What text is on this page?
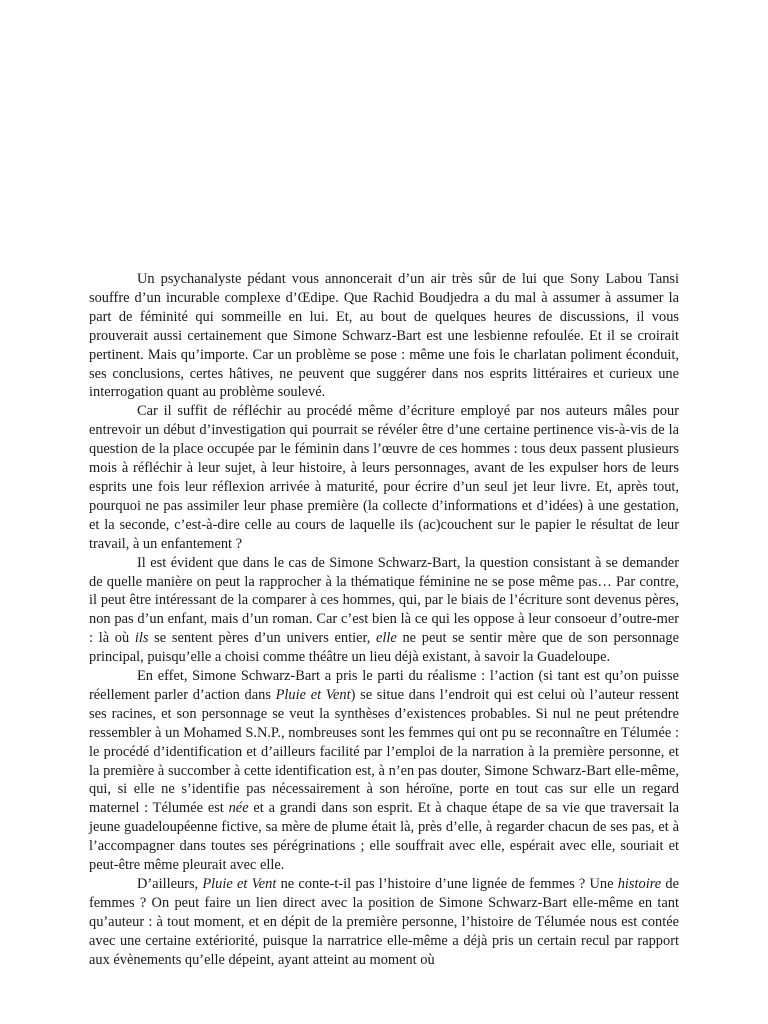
Un psychanalyste pédant vous annoncerait d’un air très sûr de lui que Sony Labou Tansi souffre d’un incurable complexe d’Œdipe. Que Rachid Boudjedra a du mal à assumer à assumer la part de féminité qui sommeille en lui. Et, au bout de quelques heures de discussions, il vous prouverait aussi certainement que Simone Schwarz-Bart est une lesbienne refoulée. Et il se croirait pertinent. Mais qu’importe. Car un problème se pose : même une fois le charlatan poliment éconduit, ses conclusions, certes hâtives, ne peuvent que suggérer dans nos esprits littéraires et curieux une interrogation quant au problème soulevé.

Car il suffit de réfléchir au procédé même d’écriture employé par nos auteurs mâles pour entrevoir un début d’investigation qui pourrait se révéler être d’une certaine pertinence vis-à-vis de la question de la place occupée par le féminin dans l’œuvre de ces hommes : tous deux passent plusieurs mois à réfléchir à leur sujet, à leur histoire, à leurs personnages, avant de les expulser hors de leurs esprits une fois leur réflexion arrivée à maturité, pour écrire d’un seul jet leur livre. Et, après tout, pourquoi ne pas assimiler leur phase première (la collecte d’informations et d’idées) à une gestation, et la seconde, c’est-à-dire celle au cours de laquelle ils (ac)couchent sur le papier le résultat de leur travail, à un enfantement ?

Il est évident que dans le cas de Simone Schwarz-Bart, la question consistant à se demander de quelle manière on peut la rapprocher à la thématique féminine ne se pose même pas… Par contre, il peut être intéressant de la comparer à ces hommes, qui, par le biais de l’écriture sont devenus pères, non pas d’un enfant, mais d’un roman. Car c’est bien là ce qui les oppose à leur consoeur d’outre-mer : là où ils se sentent pères d’un univers entier, elle ne peut se sentir mère que de son personnage principal, puisqu’elle a choisi comme théâtre un lieu déjà existant, à savoir la Guadeloupe.

En effet, Simone Schwarz-Bart a pris le parti du réalisme : l’action (si tant est qu’on puisse réellement parler d’action dans Pluie et Vent) se situe dans l’endroit qui est celui où l’auteur ressent ses racines, et son personnage se veut la synthèses d’existences probables. Si nul ne peut prétendre ressembler à un Mohamed S.N.P., nombreuses sont les femmes qui ont pu se reconnaître en Télumée : le procédé d’identification et d’ailleurs facilité par l’emploi de la narration à la première personne, et la première à succomber à cette identification est, à n’en pas douter, Simone Schwarz-Bart elle-même, qui, si elle ne s’identifie pas nécessairement à son héroïne, porte en tout cas sur elle un regard maternel : Télumée est née et a grandi dans son esprit. Et à chaque étape de sa vie que traversait la jeune guadeloupéenne fictive, sa mère de plume était là, près d’elle, à regarder chacun de ses pas, et à l’accompagner dans toutes ses pérégrinations ; elle souffrait avec elle, espérait avec elle, souriait et peut-être même pleurait avec elle.

D’ailleurs, Pluie et Vent ne conte-t-il pas l’histoire d’une lignée de femmes ? Une histoire de femmes ? On peut faire un lien direct avec la position de Simone Schwarz-Bart elle-même en tant qu’auteur : à tout moment, et en dépit de la première personne, l’histoire de Télumée nous est contée avec une certaine extériorité, puisque la narratrice elle-même a déjà pris un certain recul par rapport aux évènements qu’elle dépeint, ayant atteint au moment où
